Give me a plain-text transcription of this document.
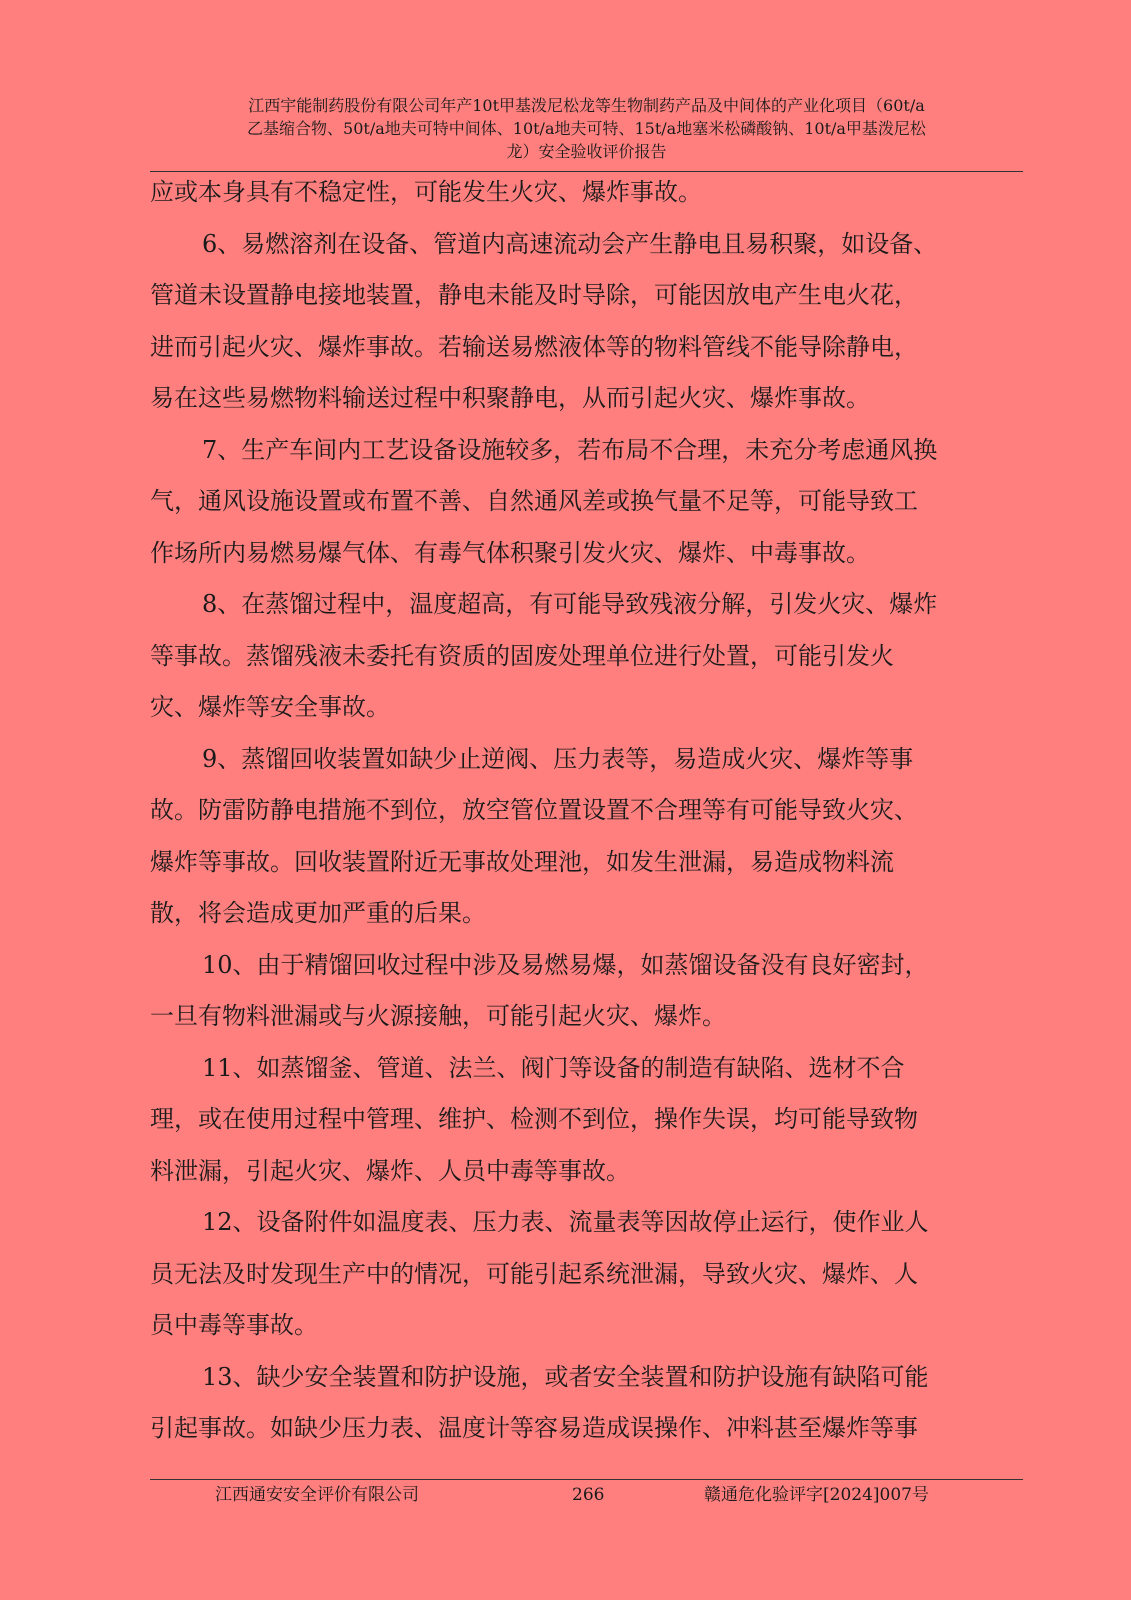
江西宇能制药股份有限公司年产10t甲基泼尼松龙等生物制药产品及中间体的产业化项目（60t/a
乙基缩合物、50t/a地夫可特中间体、10t/a地夫可特、15t/a地塞米松磷酸钠、10t/a甲基泼尼松
龙）安全验收评价报告
应或本身具有不稳定性，可能发生火灾、爆炸事故。
6、易燃溶剂在设备、管道内高速流动会产生静电且易积聚，如设备、
管道未设置静电接地装置，静电未能及时导除，可能因放电产生电火花，
进而引起火灾、爆炸事故。若输送易燃液体等的物料管线不能导除静电，
易在这些易燃物料输送过程中积聚静电，从而引起火灾、爆炸事故。
7、生产车间内工艺设备设施较多，若布局不合理，未充分考虑通风换
气，通风设施设置或布置不善、自然通风差或换气量不足等，可能导致工
作场所内易燃易爆气体、有毒气体积聚引发火灾、爆炸、中毒事故。
8、在蒸馏过程中，温度超高，有可能导致残液分解，引发火灾、爆炸
等事故。蒸馏残液未委托有资质的固废处理单位进行处置，可能引发火
灾、爆炸等安全事故。
9、蒸馏回收装置如缺少止逆阀、压力表等，易造成火灾、爆炸等事
故。防雷防静电措施不到位，放空管位置设置不合理等有可能导致火灾、
爆炸等事故。回收装置附近无事故处理池，如发生泄漏，易造成物料流
散，将会造成更加严重的后果。
10、由于精馏回收过程中涉及易燃易爆，如蒸馏设备没有良好密封，
一旦有物料泄漏或与火源接触，可能引起火灾、爆炸。
11、如蒸馏釜、管道、法兰、阀门等设备的制造有缺陷、选材不合
理，或在使用过程中管理、维护、检测不到位，操作失误，均可能导致物
料泄漏，引起火灾、爆炸、人员中毒等事故。
12、设备附件如温度表、压力表、流量表等因故停止运行，使作业人
员无法及时发现生产中的情况，可能引起系统泄漏，导致火灾、爆炸、人
员中毒等事故。
13、缺少安全装置和防护设施，或者安全装置和防护设施有缺陷可能
引起事故。如缺少压力表、温度计等容易造成误操作、冲料甚至爆炸等事
江西通安安全评价有限公司	266	赣通危化验评字[2024]007号
